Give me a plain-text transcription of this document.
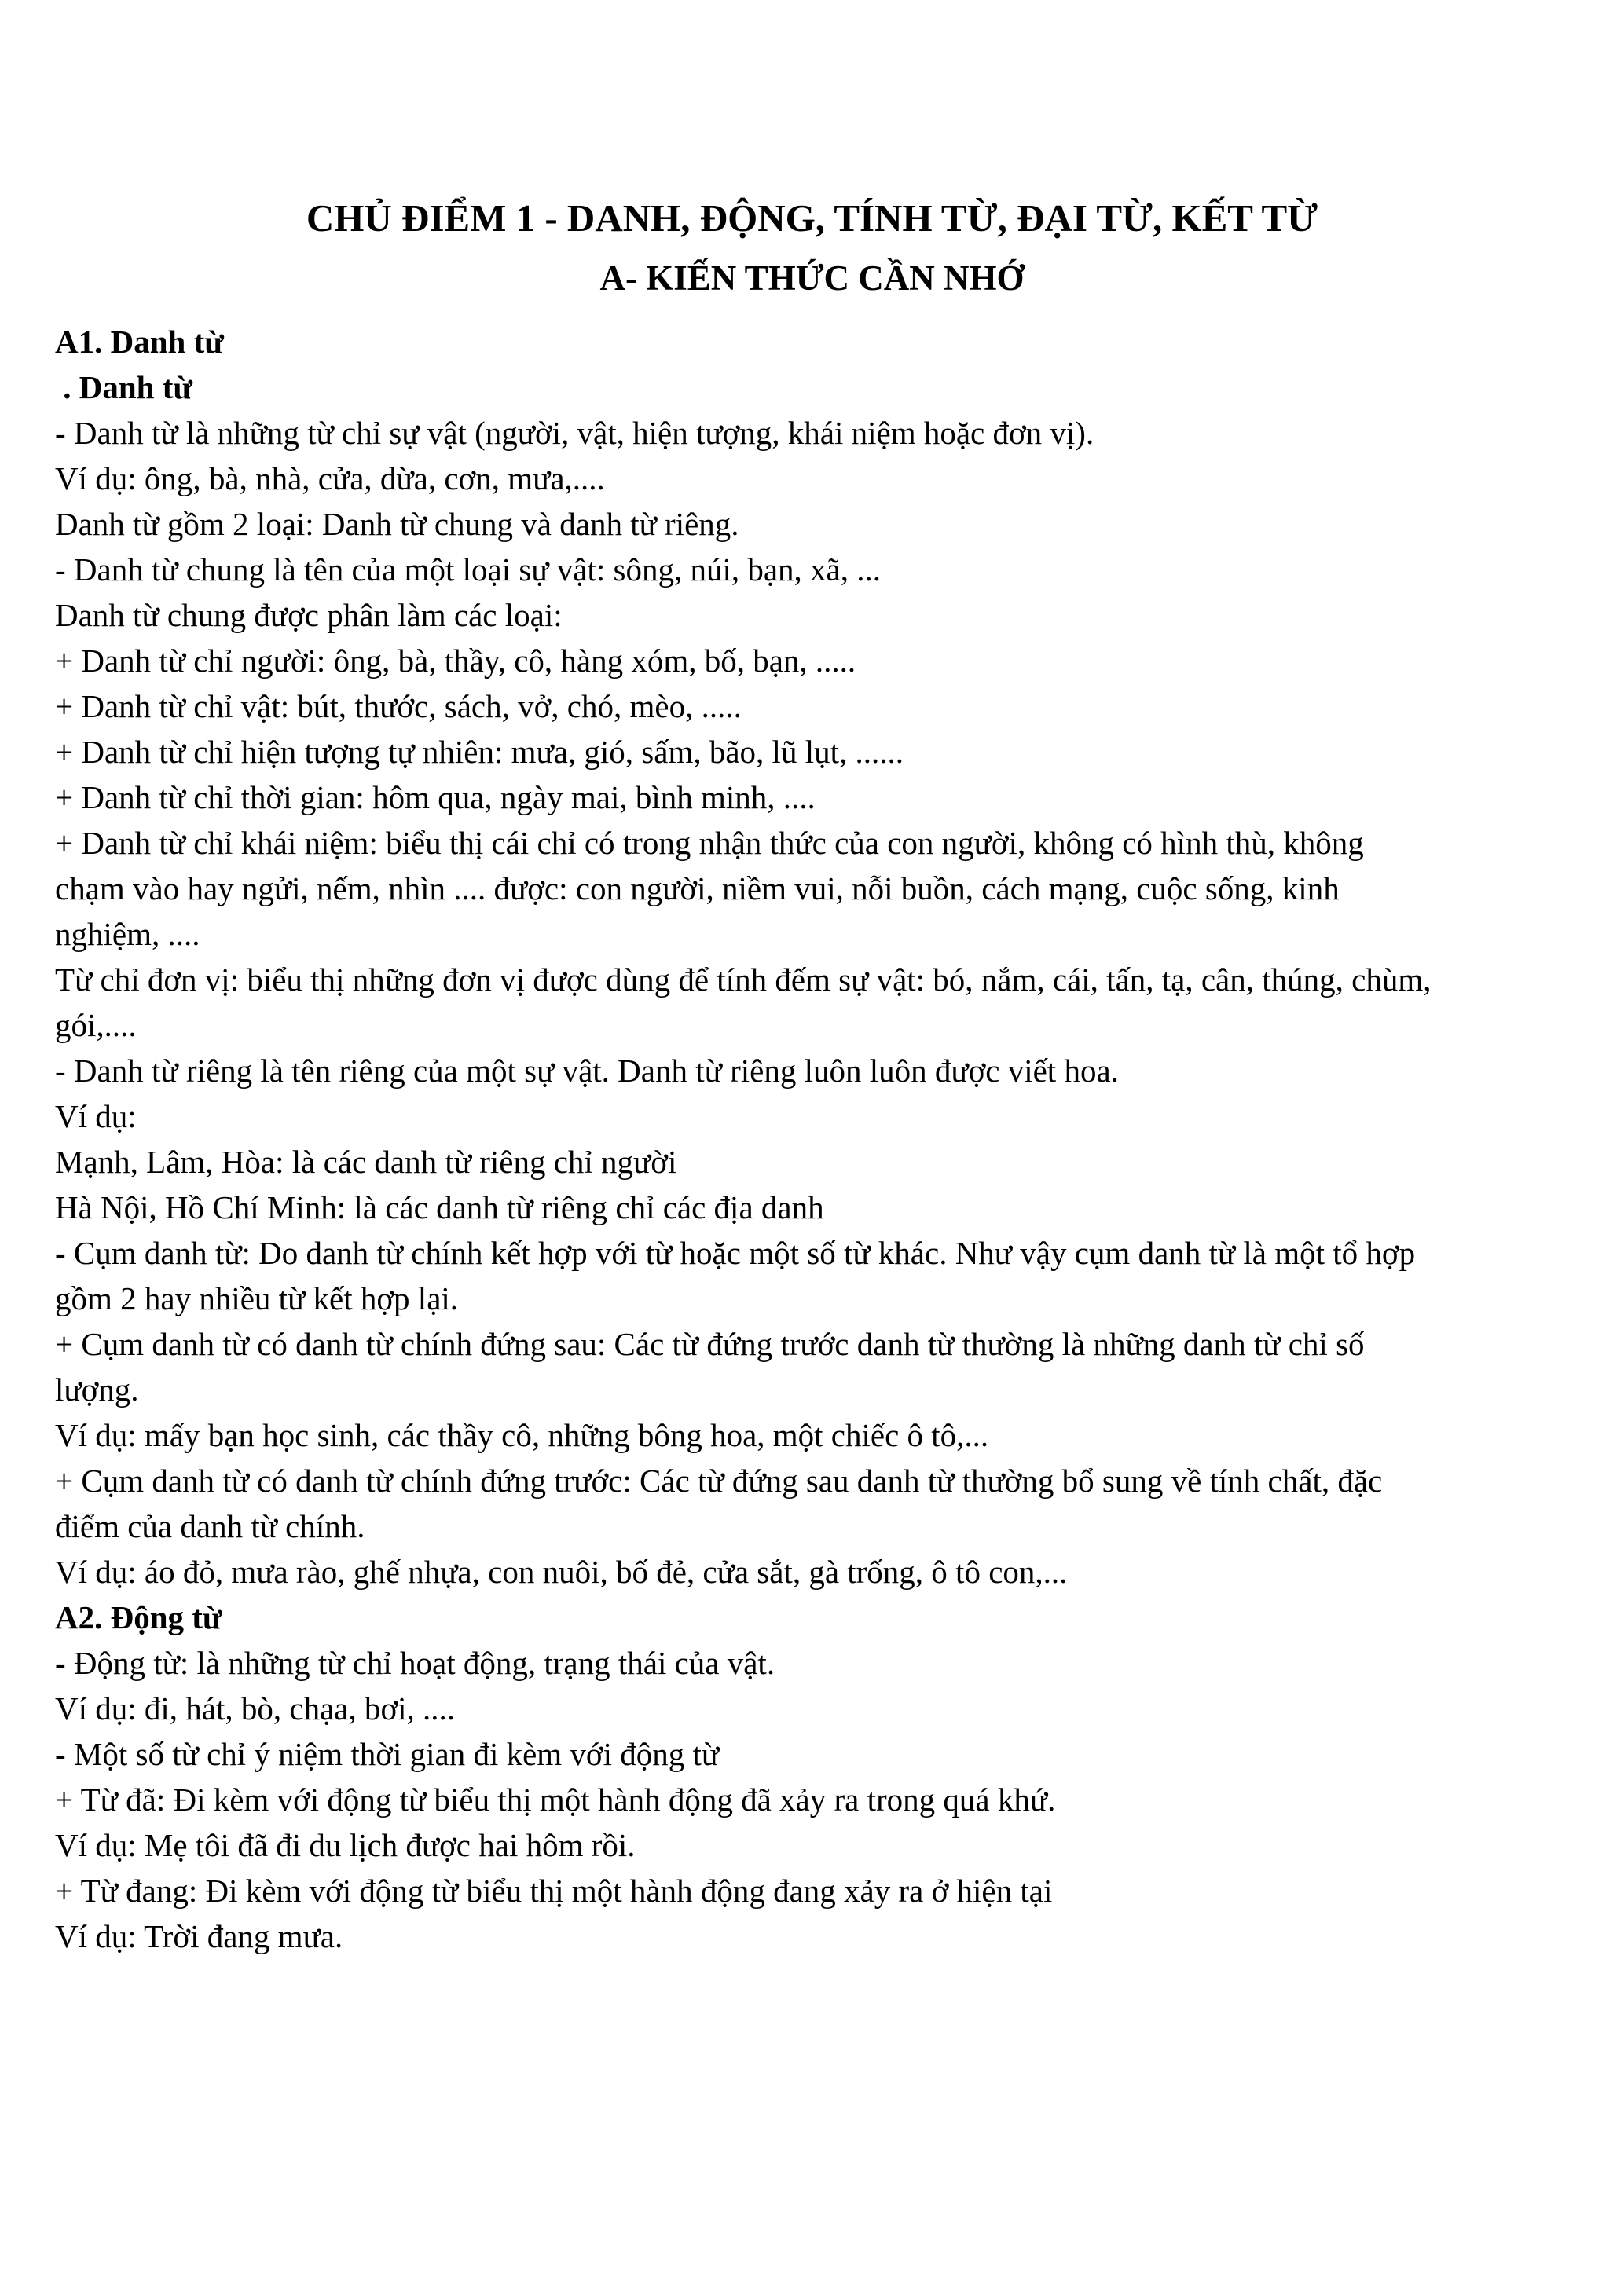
CHỦ ĐIỂM 1 - DANH, ĐỘNG, TÍNH TỪ, ĐẠI TỪ, KẾT TỪ
A- KIẾN THỨC CẦN NHỚ
A1. Danh từ
. Danh từ
- Danh từ là những từ chỉ sự vật (người, vật, hiện tượng, khái niệm hoặc đơn vị).
Ví dụ: ông, bà, nhà, cửa, dừa, cơn, mưa,....
Danh từ gồm 2 loại: Danh từ chung và danh từ riêng.
- Danh từ chung là tên của một loại sự vật: sông, núi, bạn, xã, ...
Danh từ chung được phân làm các loại:
+ Danh từ chỉ người: ông, bà, thầy, cô, hàng xóm, bố, bạn, .....
+ Danh từ chỉ vật: bút, thước, sách, vở, chó, mèo, .....
+ Danh từ chỉ hiện tượng tự nhiên: mưa, gió, sấm, bão, lũ lụt, ......
+ Danh từ chỉ thời gian: hôm qua, ngày mai, bình minh, ....
+ Danh từ chỉ khái niệm: biểu thị cái chỉ có trong nhận thức của con người, không có hình thù, không
chạm vào hay ngửi, nếm, nhìn .... được: con người, niềm vui, nỗi buồn, cách mạng, cuộc sống, kinh
nghiệm, ....
Từ chỉ đơn vị: biểu thị những đơn vị được dùng để tính đếm sự vật: bó, nắm, cái, tấn, tạ, cân, thúng, chùm,
gói,....
- Danh từ riêng là tên riêng của một sự vật. Danh từ riêng luôn luôn được viết hoa.
Ví dụ:
Mạnh, Lâm, Hòa: là các danh từ riêng chỉ người
Hà Nội, Hồ Chí Minh: là các danh từ riêng chỉ các địa danh
- Cụm danh từ: Do danh từ chính kết hợp với từ hoặc một số từ khác. Như vậy cụm danh từ là một tổ hợp
gồm 2 hay nhiều từ kết hợp lại.
+ Cụm danh từ có danh từ chính đứng sau: Các từ đứng trước danh từ thường là những danh từ chỉ số
lượng.
Ví dụ: mấy bạn học sinh, các thầy cô, những bông hoa, một chiếc ô tô,...
+ Cụm danh từ có danh từ chính đứng trước: Các từ đứng sau danh từ thường bổ sung về tính chất, đặc
điểm của danh từ chính.
Ví dụ: áo đỏ, mưa rào, ghế nhựa, con nuôi, bố đẻ, cửa sắt, gà trống, ô tô con,...
A2. Động từ
- Động từ: là những từ chỉ hoạt động, trạng thái của vật.
Ví dụ: đi, hát, bò, chạa, bơi, ....
- Một số từ chỉ ý niệm thời gian đi kèm với động từ
+ Từ đã: Đi kèm với động từ biểu thị một hành động đã xảy ra trong quá khứ.
Ví dụ: Mẹ tôi đã đi du lịch được hai hôm rồi.
+ Từ đang: Đi kèm với động từ biểu thị một hành động đang xảy ra ở hiện tại
Ví dụ: Trời đang mưa.
